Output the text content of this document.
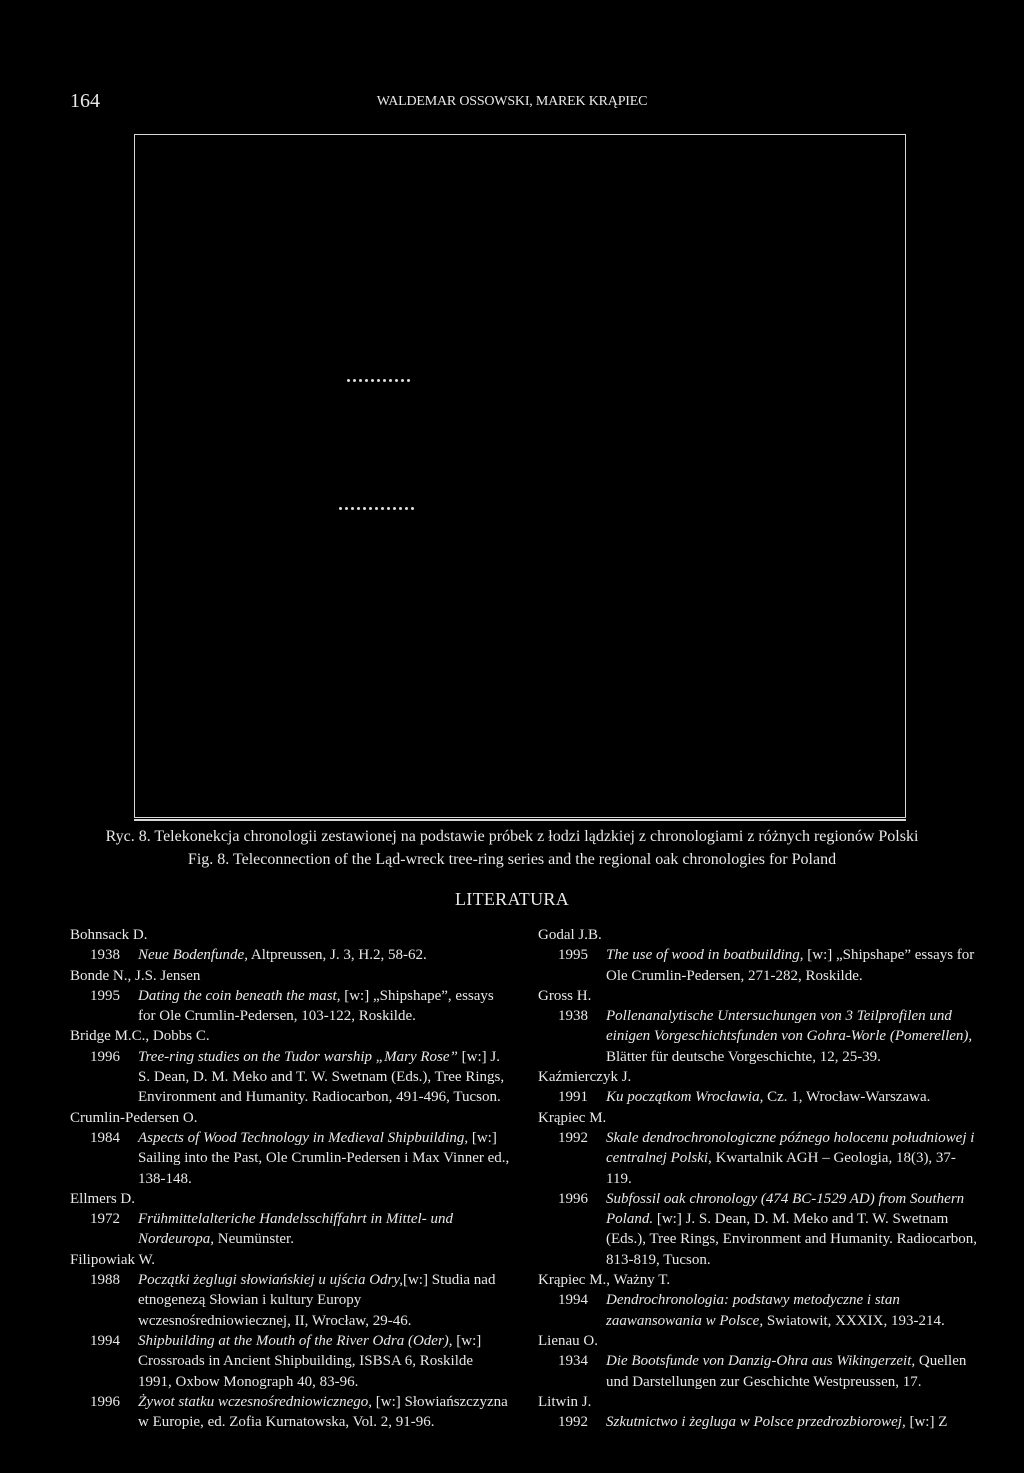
164	WALDEMAR OSSOWSKI, MAREK KRĄPIEC
Ryc. 8. Telekonekcja chronologii zestawionej na podstawie próbek z łodzi lądzkiej z chronologiami z różnych regionów Polski
Fig. 8. Teleconnection of the Ląd-wreck tree-ring series and the regional oak chronologies for Poland
LITERATURA
Bohnsack D.
1938 Neue Bodenfunde, Altpreussen, J. 3, H.2, 58-62.
Bonde N., J.S. Jensen
1995 Dating the coin beneath the mast, [w:] „Shipshape”, essays for Ole Crumlin-Pedersen, 103-122, Roskilde.
Bridge M.C., Dobbs C.
1996 Tree-ring studies on the Tudor warship „Mary Rose” [w:] J. S. Dean, D. M. Meko and T. W. Swetnam (Eds.), Tree Rings, Environment and Humanity. Radiocarbon, 491-496, Tucson.
Crumlin-Pedersen O.
1984 Aspects of Wood Technology in Medieval Shipbuilding, [w:] Sailing into the Past, Ole Crumlin-Pedersen i Max Vinner ed., 138-148.
Ellmers D.
1972 Frühmittelalteriche Handelsschiffahrt in Mittel- und Nordeuropa, Neumünster.
Filipowiak W.
1988 Początki żeglugi słowiańskiej u ujścia Odry,[w:] Studia nad etnogenezą Słowian i kultury Europy wczesnośredniowiecznej, II, Wrocław, 29-46.
1994 Shipbuilding at the Mouth of the River Odra (Oder), [w:] Crossroads in Ancient Shipbuilding, ISBSA 6, Roskilde 1991, Oxbow Monograph 40, 83-96.
1996 Żywot statku wczesnośredniowicznego, [w:] Słowiańszczyzna w Europie, ed. Zofia Kurnatowska, Vol. 2, 91-96.
Godal J.B.
1995 The use of wood in boatbuilding, [w:] „Shipshape” essays for Ole Crumlin-Pedersen, 271-282, Roskilde.
Gross H.
1938 Pollenanalytische Untersuchungen von 3 Teilprofilen und einigen Vorgeschichtsfunden von Gohra-Worle (Pomerellen), Blätter für deutsche Vorgeschichte, 12, 25-39.
Kaźmierczyk J.
1991 Ku początkom Wrocławia, Cz. 1, Wrocław-Warszawa.
Krąpiec M.
1992 Skale dendrochronologiczne późnego holocenu południowej i centralnej Polski, Kwartalnik AGH – Geologia, 18(3), 37-119.
1996 Subfossil oak chronology (474 BC-1529 AD) from Southern Poland. [w:] J. S. Dean, D. M. Meko and T. W. Swetnam (Eds.), Tree Rings, Environment and Humanity. Radiocarbon, 813-819, Tucson.
Krąpiec M., Ważny T.
1994 Dendrochronologia: podstawy metodyczne i stan zaawansowania w Polsce, Swiatowit, XXXIX, 193-214.
Lienau O.
1934 Die Bootsfunde von Danzig-Ohra aus Wikingerzeit, Quellen und Darstellungen zur Geschichte Westpreussen, 17.
Litwin J.
1992 Szkutnictwo i żegluga w Polsce przedrozbiorowej, [w:] Z
